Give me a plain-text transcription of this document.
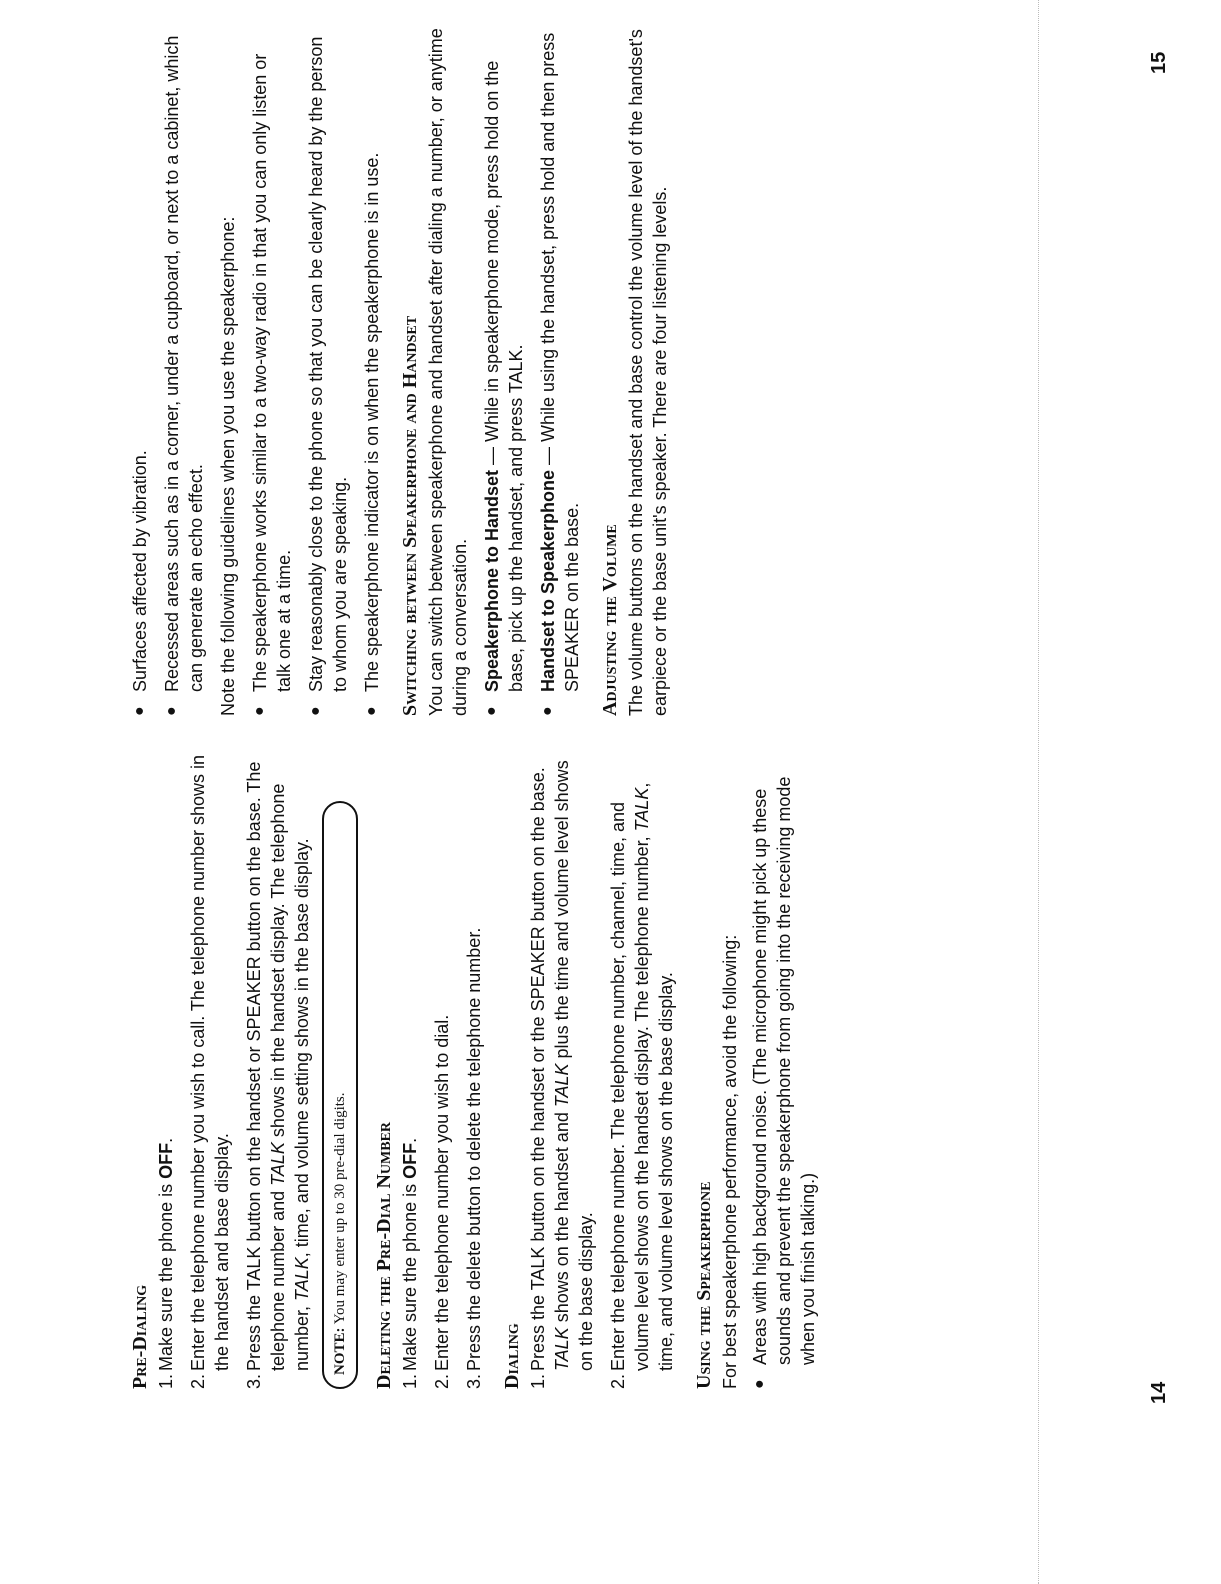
Pre-Dialing 1.
Make sure the phone is OFF.
2.
Enter the telephone number you wish to call. The telephone number shows in the handset and base display.
3.
Press the TALK button on the handset or SPEAKER button on the base. The telephone number and TALK shows in the handset display. The telephone number, TALK, time, and volume setting shows in the base display.
NOTE: You may enter up to 30 pre-dial digits.	Deleting the Pre-Dial Number 1.
Make sure the phone is OFF.
2.
Enter the telephone number you wish to dial.
3.
Press the delete button to delete the telephone number. Dialing 1.
Press the TALK button on the handset or the SPEAKER button on the base. TALK shows on the handset and TALK plus the time and volume level shows on the base display.
2.
Enter the telephone number. The telephone number, channel, time, and volume level shows on the handset display. The telephone number, TALK, time, and volume level shows on the base display. Using the Speakerphone For best speakerphone performance, avoid the following: ●
Areas with high background noise. (The microphone might pick up these sounds and prevent the speakerphone from going into the receiving mode when you finish talking.)
14
●
Surfaces affected by vibration.
●
Recessed areas such as in a corner, under a cupboard, or next to a cabinet, which can generate an echo effect. Note the following guidelines when you use the speakerphone: ●
The speakerphone works similar to a two-way radio in that you can only listen or talk one at a time.
●
Stay reasonably close to the phone so that you can be clearly heard by the person to whom you are speaking.
●
The speakerphone indicator is on when the speakerphone is in use. Switching between Speakerphone and Handset You can switch between speakerphone and handset after dialing a number, or anytime during a conversation. ●
Speakerphone to Handset — While in speakerphone mode, press hold on the base, pick up the handset, and press TALK.
●
Handset to Speakerphone — While using the handset, press hold and then press SPEAKER on the base. Adjusting the Volume The volume buttons on the handset and base control the volume level of the handset's earpiece or the base unit's speaker. There are four listening levels.
15
